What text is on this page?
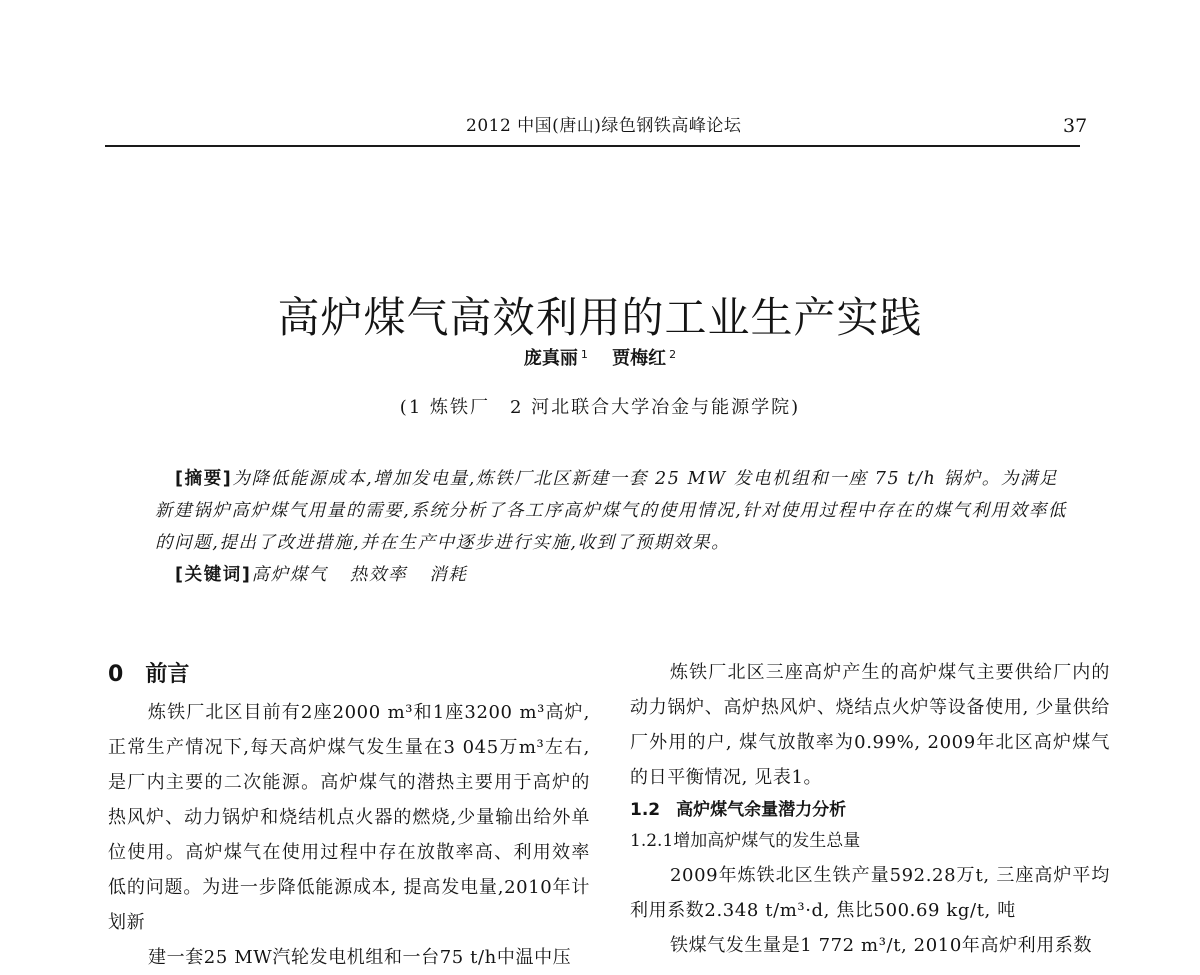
2012 中国(唐山)绿色钢铁高峰论坛	37
高炉煤气高效利用的工业生产实践
庞真丽 $^1$ 贾梅红 $^2$
(1 炼铁厂　2 河北联合大学冶金与能源学院)

[摘要]为降低能源成本,增加发电量,炼铁厂北区新建一套 25 MW 发电机组和一座 75 t/h 锅炉。为满足新建锅炉高炉煤气用量的需要,系统分析了各工序高炉煤气的使用情况,针对使用过程中存在的煤气利用效率低的问题,提出了改进措施,并在生产中逐步进行实施,收到了预期效果。

[关键词]高炉煤气 热效率 消耗

0 前言

炼铁厂北区目前有2座2000 m³和1座3200 m³高炉,正常生产情况下,每天高炉煤气发生量在3 045万m³左右,是厂内主要的二次能源。高炉煤气的潜热主要用于高炉的热风炉、动力锅炉和烧结机点火器的燃烧,少量输出给外单位使用。高炉煤气在使用过程中存在放散率高、利用效率低的问题。为进一步降低能源成本, 提高发电量,2010年计划新

建一套25 MW汽轮发电机组和一台75 t/h中温中压

炼铁厂北区三座高炉产生的高炉煤气主要供给厂内的动力锅炉、高炉热风炉、烧结点火炉等设备使用, 少量供给厂外用的户, 煤气放散率为0.99%, 2009年北区高炉煤气的日平衡情况, 见表1。

1.2 高炉煤气余量潜力分析

1.2.1增加高炉煤气的发生总量

2009年炼铁北区生铁产量592.28万t, 三座高炉平均利用系数2.348 t/m³·d, 焦比500.69 kg/t, 吨

铁煤气发生量是1 772 m³/t, 2010年高炉利用系数
